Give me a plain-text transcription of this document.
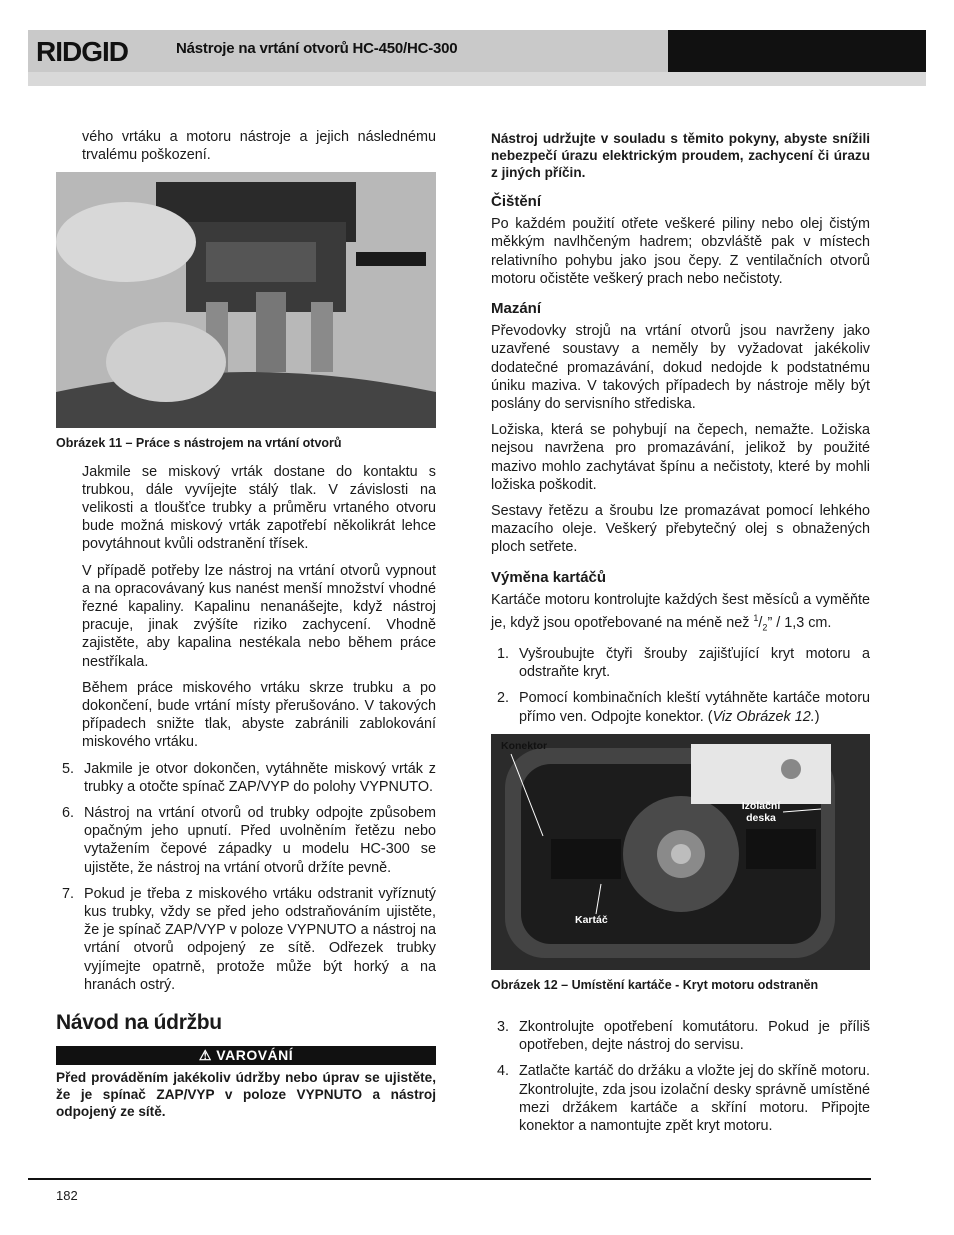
RIDGID	Nástroje na vrtání otvorů HC-450/HC-300

vého vrtáku a motoru nástroje a jejich následnému trvalému poškození.

Obrázek 11 – Práce s nástrojem na vrtání otvorů

Jakmile se miskový vrták dostane do kontaktu s trubkou, dále vyvíjejte stálý tlak. V závislosti na velikosti a tloušťce trubky a průměru vrtaného otvoru bude možná miskový vrták zapotřebí několikrát lehce povytáhnout kvůli odstranění třísek.

V případě potřeby lze nástroj na vrtání otvorů vypnout a na opracovávaný kus nanést menší množství vhodné řezné kapaliny. Kapalinu nenanášejte, když nástroj pracuje, jinak zvýšíte riziko zachycení. Vhodně zajistěte, aby kapalina nestékala nebo během práce nestříkala.

Během práce miskového vrtáku skrze trubku a po dokončení, bude vrtání místy přerušováno. V takových případech snižte tlak, abyste zabránili zablokování miskového vrtáku.

5. Jakmile je otvor dokončen, vytáhněte miskový vrták z trubky a otočte spínač ZAP/VYP do polohy VYPNUTO.
6. Nástroj na vrtání otvorů od trubky odpojte způsobem opačným jeho upnutí. Před uvolněním řetězu nebo vytažením čepové západky u modelu HC-300 se ujistěte, že nástroj na vrtání otvorů držíte pevně.
7. Pokud je třeba z miskového vrtáku odstranit vyříznutý kus trubky, vždy se před jeho odstraňováním ujistěte, že je spínač ZAP/VYP v poloze VYPNUTO a nástroj na vrtání otvorů odpojený ze sítě. Odřezek trubky vyjímejte opatrně, protože může být horký a na hranách ostrý.
Návod na údržbu
⚠ VAROVÁNÍ

Před prováděním jakékoliv údržby nebo úprav se ujistěte, že je spínač ZAP/VYP v poloze VYPNUTO a nástroj odpojený ze sítě.

Nástroj udržujte v souladu s těmito pokyny, abyste snížili nebezpečí úrazu elektrickým proudem, zachycení či úrazu z jiných příčin.

Čištění

Po každém použití otřete veškeré piliny nebo olej čistým měkkým navlhčeným hadrem; obzvláště pak v místech relativního pohybu jako jsou čepy. Z ventilačních otvorů motoru očistěte veškerý prach nebo nečistoty.

Mazání

Převodovky strojů na vrtání otvorů jsou navrženy jako uzavřené soustavy a neměly by vyžadovat jakékoliv dodatečné promazávání, dokud nedojde k podstatnému úniku maziva. V takových případech by nástroje měly být poslány do servisního střediska.

Ložiska, která se pohybují na čepech, nemažte. Ložiska nejsou navržena pro promazávání, jelikož by použité mazivo mohlo zachytávat špínu a nečistoty, které by mohli ložiska poškodit.

Sestavy řetězu a šroubu lze promazávat pomocí lehkého mazacího oleje. Veškerý přebytečný olej s obnažených ploch setřete.

Výměna kartáčů

Kartáče motoru kontrolujte každých šest měsíců a vyměňte je, když jsou opotřebované na méně než $^1/_2$” / 1,3 cm.

1. Vyšroubujte čtyři šrouby zajišťující kryt motoru a odstraňte kryt.
2. Pomocí kombinačních kleští vytáhněte kartáče motoru přímo ven. Odpojte konektor. (Viz Obrázek 12.)
Konektor
Izolační deska
Kartáč
Obrázek 12 – Umístění kartáče - Kryt motoru odstraněn
3. Zkontrolujte opotřebení komutátoru. Pokud je příliš opotřeben, dejte nástroj do servisu.
4. Zatlačte kartáč do držáku a vložte jej do skříně motoru. Zkontrolujte, zda jsou izolační desky správně umístěné mezi držákem kartáče a skříní motoru. Připojte konektor a namontujte zpět kryt motoru.
182
